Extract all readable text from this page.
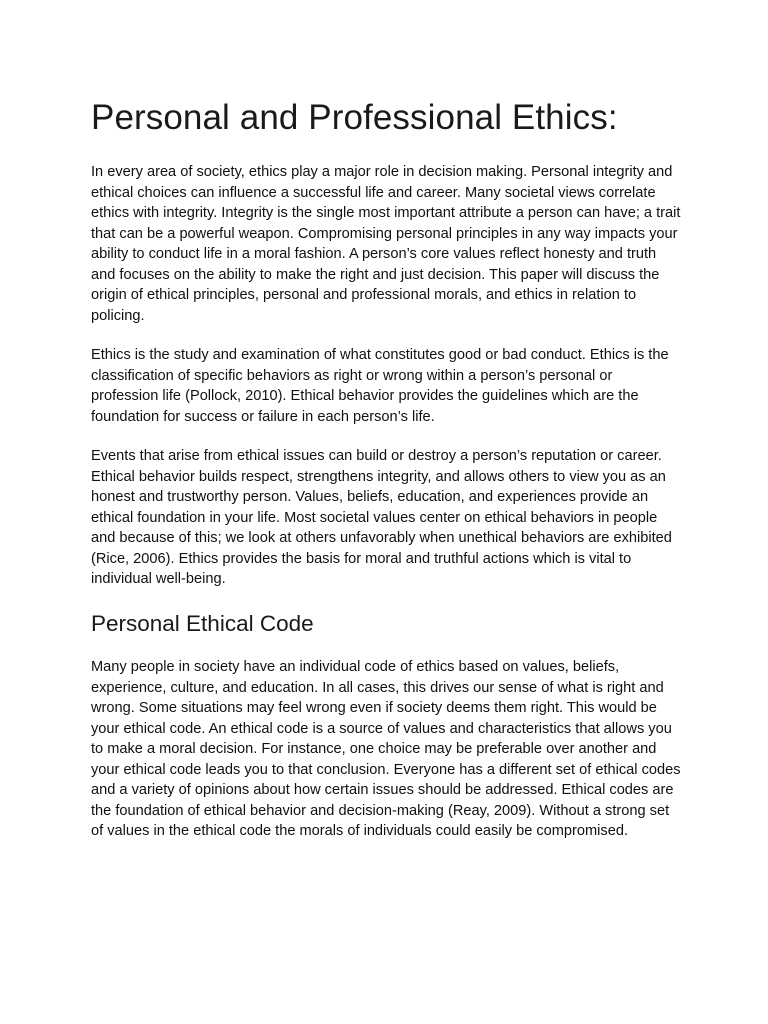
Personal and Professional Ethics:

In every area of society, ethics play a major role in decision making. Personal integrity and ethical choices can influence a successful life and career. Many societal views correlate ethics with integrity. Integrity is the single most important attribute a person can have; a trait that can be a powerful weapon. Compromising personal principles in any way impacts your ability to conduct life in a moral fashion. A person’s core values reflect honesty and truth and focuses on the ability to make the right and just decision. This paper will discuss the origin of ethical principles, personal and professional morals, and ethics in relation to policing.

Ethics is the study and examination of what constitutes good or bad conduct. Ethics is the classification of specific behaviors as right or wrong within a person’s personal or profession life (Pollock, 2010). Ethical behavior provides the guidelines which are the foundation for success or failure in each person’s life.

Events that arise from ethical issues can build or destroy a person’s reputation or career. Ethical behavior builds respect, strengthens integrity, and allows others to view you as an honest and trustworthy person. Values, beliefs, education, and experiences provide an ethical foundation in your life. Most societal values center on ethical behaviors in people and because of this; we look at others unfavorably when unethical behaviors are exhibited (Rice, 2006). Ethics provides the basis for moral and truthful actions which is vital to individual well-being.

Personal Ethical Code

Many people in society have an individual code of ethics based on values, beliefs, experience, culture, and education. In all cases, this drives our sense of what is right and wrong. Some situations may feel wrong even if society deems them right. This would be your ethical code. An ethical code is a source of values and characteristics that allows you to make a moral decision. For instance, one choice may be preferable over another and your ethical code leads you to that conclusion. Everyone has a different set of ethical codes and a variety of opinions about how certain issues should be addressed. Ethical codes are the foundation of ethical behavior and decision-making (Reay, 2009). Without a strong set of values in the ethical code the morals of individuals could easily be compromised.
